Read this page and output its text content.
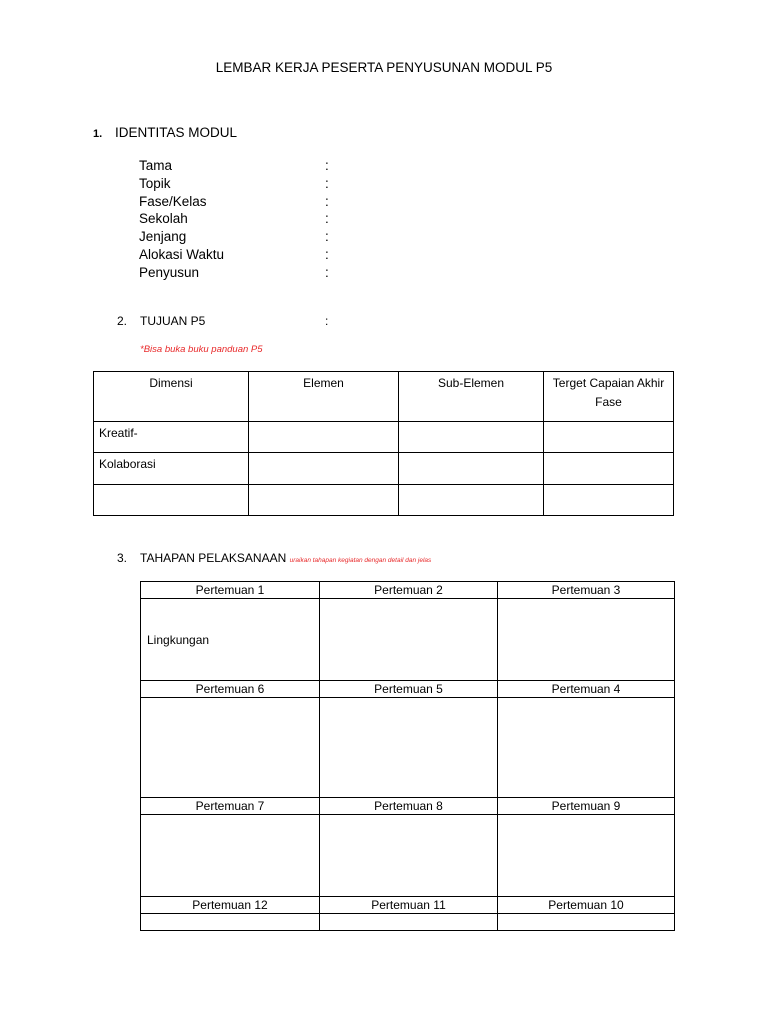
LEMBAR KERJA PESERTA PENYUSUNAN MODUL P5
1. IDENTITAS MODUL
Tama	:
Topik	:
Fase/Kelas	:
Sekolah	:
Jenjang	:
Alokasi Waktu	:
Penyusun	:
2. TUJUAN P5	:
*Bisa buka buku panduan P5
Dimensi	Elemen	Sub-Elemen	Terget Capaian Akhir Fase
Kreatif-			
Kolaborasi			

3. TAHAPAN PELAKSANAAN uraikan tahapan kegiatan dengan detail dan jelas
Pertemuan 1	Pertemuan 2	Pertemuan 3
Lingkungan		
Pertemuan 6	Pertemuan 5	Pertemuan 4

Pertemuan 7	Pertemuan 8	Pertemuan 9

Pertemuan 12	Pertemuan 11	Pertemuan 10
